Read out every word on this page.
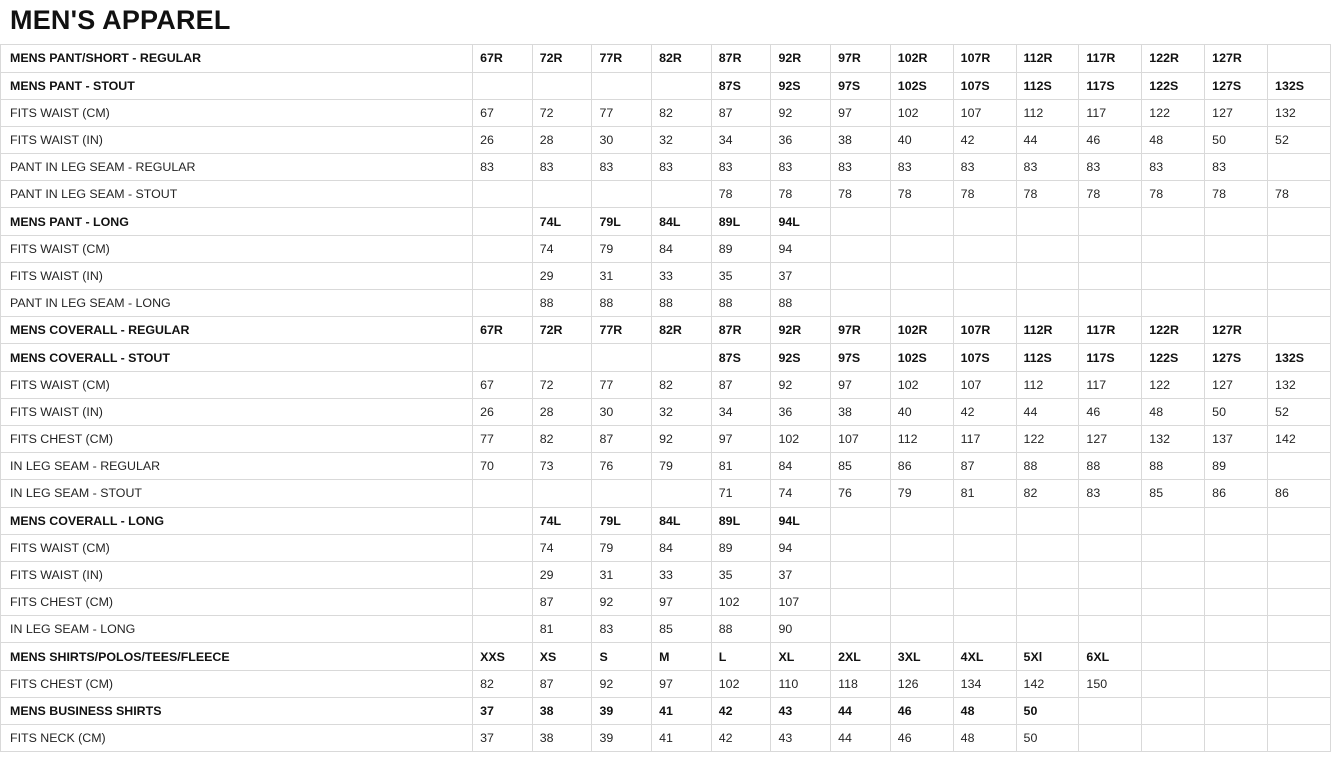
MEN'S APPAREL
MENS PANT/SHORT - REGULAR	67R	72R	77R	82R	87R	92R	97R	102R	107R	112R	117R	122R	127R	
MENS PANT - STOUT					87S	92S	97S	102S	107S	112S	117S	122S	127S	132S
FITS WAIST (CM)	67	72	77	82	87	92	97	102	107	112	117	122	127	132
FITS WAIST (IN)	26	28	30	32	34	36	38	40	42	44	46	48	50	52
PANT IN LEG SEAM - REGULAR	83	83	83	83	83	83	83	83	83	83	83	83	83	
PANT IN LEG SEAM - STOUT					78	78	78	78	78	78	78	78	78	78
MENS PANT - LONG		74L	79L	84L	89L	94L								
FITS WAIST (CM)		74	79	84	89	94								
FITS WAIST (IN)		29	31	33	35	37								
PANT IN LEG SEAM - LONG		88	88	88	88	88								
MENS COVERALL - REGULAR	67R	72R	77R	82R	87R	92R	97R	102R	107R	112R	117R	122R	127R	
MENS COVERALL - STOUT					87S	92S	97S	102S	107S	112S	117S	122S	127S	132S
FITS WAIST (CM)	67	72	77	82	87	92	97	102	107	112	117	122	127	132
FITS WAIST (IN)	26	28	30	32	34	36	38	40	42	44	46	48	50	52
FITS CHEST (CM)	77	82	87	92	97	102	107	112	117	122	127	132	137	142
IN LEG SEAM - REGULAR	70	73	76	79	81	84	85	86	87	88	88	88	89	
IN LEG SEAM - STOUT					71	74	76	79	81	82	83	85	86	86
MENS COVERALL - LONG		74L	79L	84L	89L	94L								
FITS WAIST (CM)		74	79	84	89	94								
FITS WAIST (IN)		29	31	33	35	37								
FITS CHEST (CM)		87	92	97	102	107								
IN LEG SEAM - LONG		81	83	85	88	90								
MENS SHIRTS/POLOS/TEES/FLEECE	XXS	XS	S	M	L	XL	2XL	3XL	4XL	5Xl	6XL			
FITS CHEST (CM)	82	87	92	97	102	110	118	126	134	142	150			
MENS BUSINESS SHIRTS	37	38	39	41	42	43	44	46	48	50				
FITS NECK (CM)	37	38	39	41	42	43	44	46	48	50				
